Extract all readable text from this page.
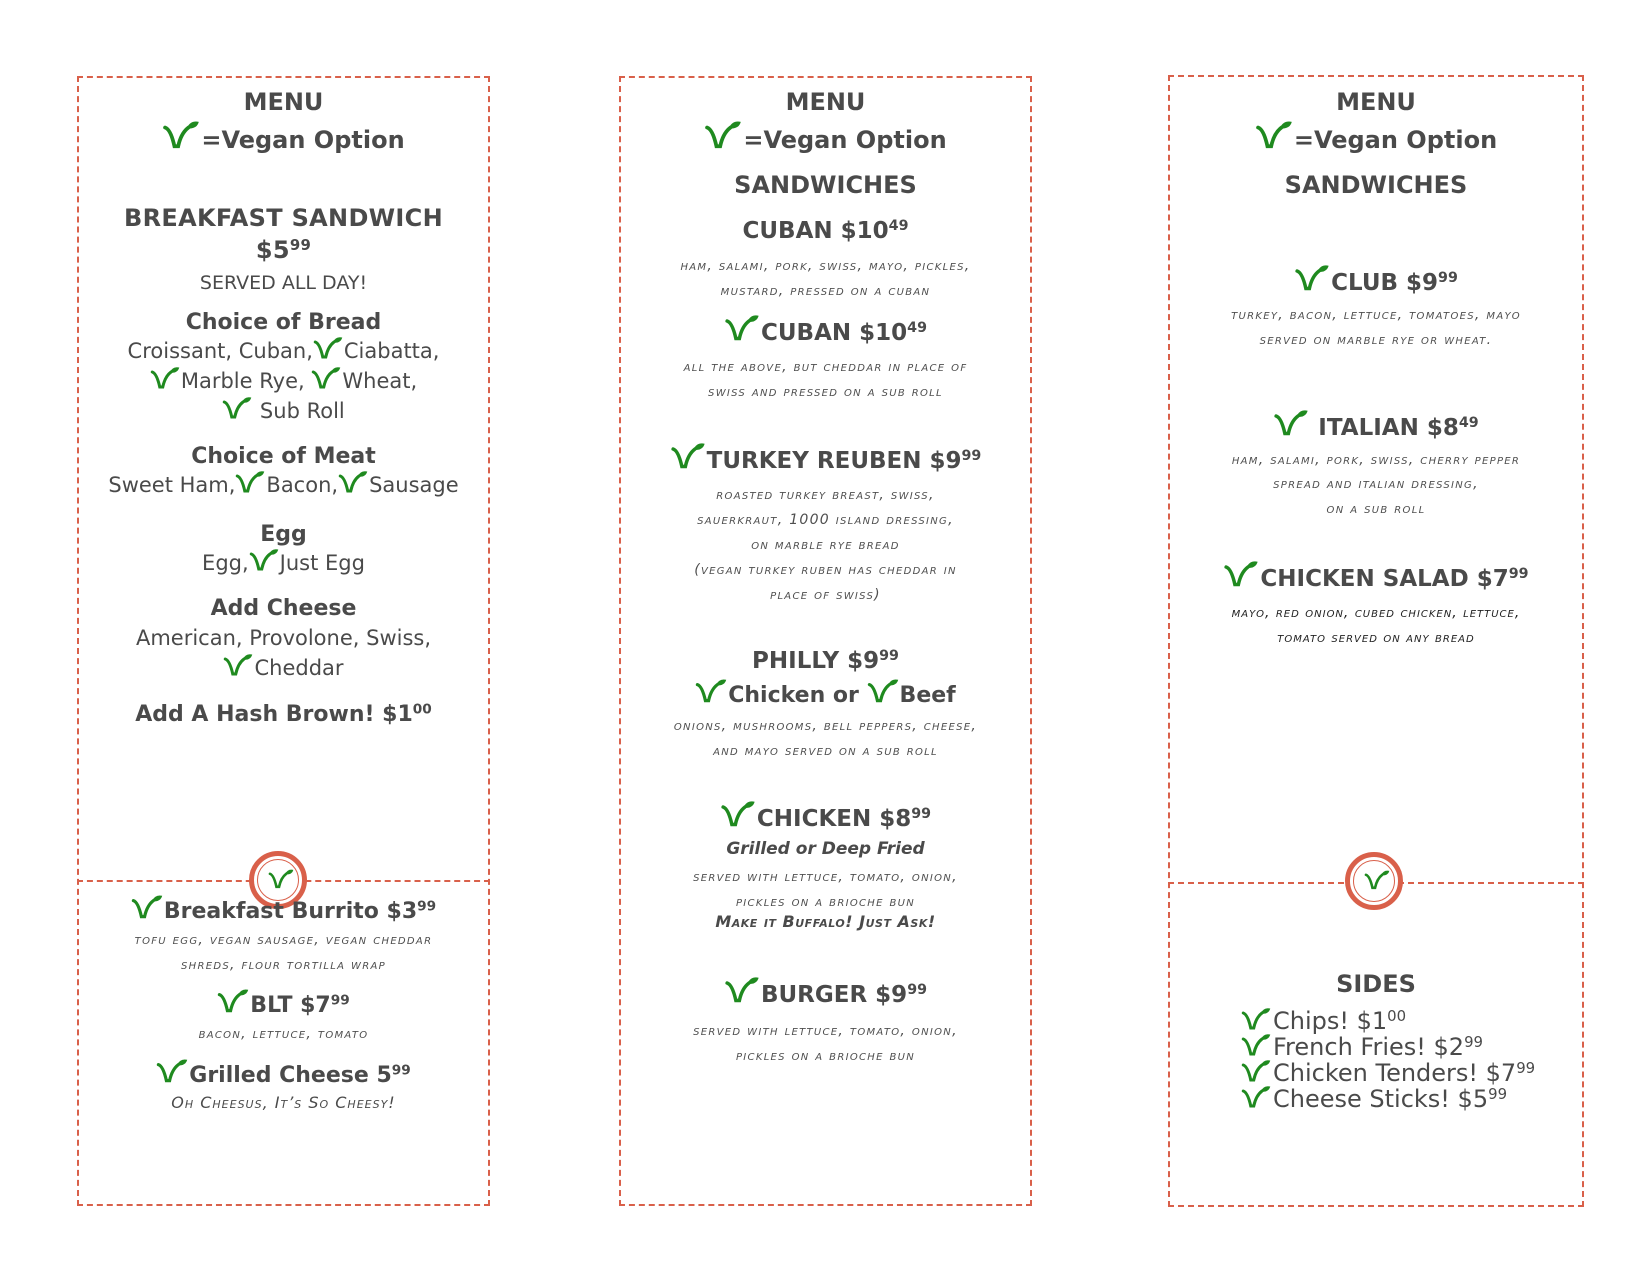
MENU
=Vegan Option
BREAKFAST SANDWICH
$\$5^{99}$
SERVED ALL DAY!
Choice of Bread
Croissant, Cuban, Ciabatta,
Marble Rye, Wheat,
Sub Roll
Choice of Meat
Sweet Ham, Bacon, Sausage
Egg
Egg, Just Egg
Add Cheese
American, Provolone, Swiss,
Cheddar
Add A Hash Brown! $\$1^{00}$
Breakfast Burrito $\$3^{99}$
tofu egg, vegan sausage, vegan cheddar
shreds, flour tortilla wrap
BLT $\$7^{99}$
bacon, lettuce, tomato
Grilled Cheese $5^{99}$
Oh Cheesus, It’s So Cheesy!
MENU
=Vegan Option
SANDWICHES
CUBAN $\$10^{49}$
ham, salami, pork, swiss, mayo, pickles,
mustard, pressed on a cuban
CUBAN $\$10^{49}$
all the above, but cheddar in place of
swiss and pressed on a sub roll
TURKEY REUBEN $\$9^{99}$
roasted turkey breast, swiss,
sauerkraut, 1000 island dressing,
on marble rye bread
(vegan turkey ruben has cheddar in
place of swiss)
PHILLY $\$9^{99}$
Chicken or
Beef
onions, mushrooms, bell peppers, cheese,
and mayo served on a sub roll
CHICKEN $\$8^{99}$
Grilled or Deep Fried
served with lettuce, tomato, onion,
pickles on a brioche bun
Make it Buffalo! Just Ask!
BURGER $\$9^{99}$
served with lettuce, tomato, onion,
pickles on a brioche bun
MENU
=Vegan Option
SANDWICHES
CLUB $\$9^{99}$
turkey, bacon, lettuce, tomatoes, mayo
served on marble rye or wheat.
ITALIAN $\$8^{49}$
ham, salami, pork, swiss, cherry pepper
spread and italian dressing,
on a sub roll
CHICKEN SALAD $\$7^{99}$
mayo, red onion, cubed chicken, lettuce,
tomato served on any bread
SIDES
Chips! $\$1^{00}$
French Fries! $\$2^{99}$
Chicken Tenders! $\$7^{99}$
Cheese Sticks! $\$5^{99}$
